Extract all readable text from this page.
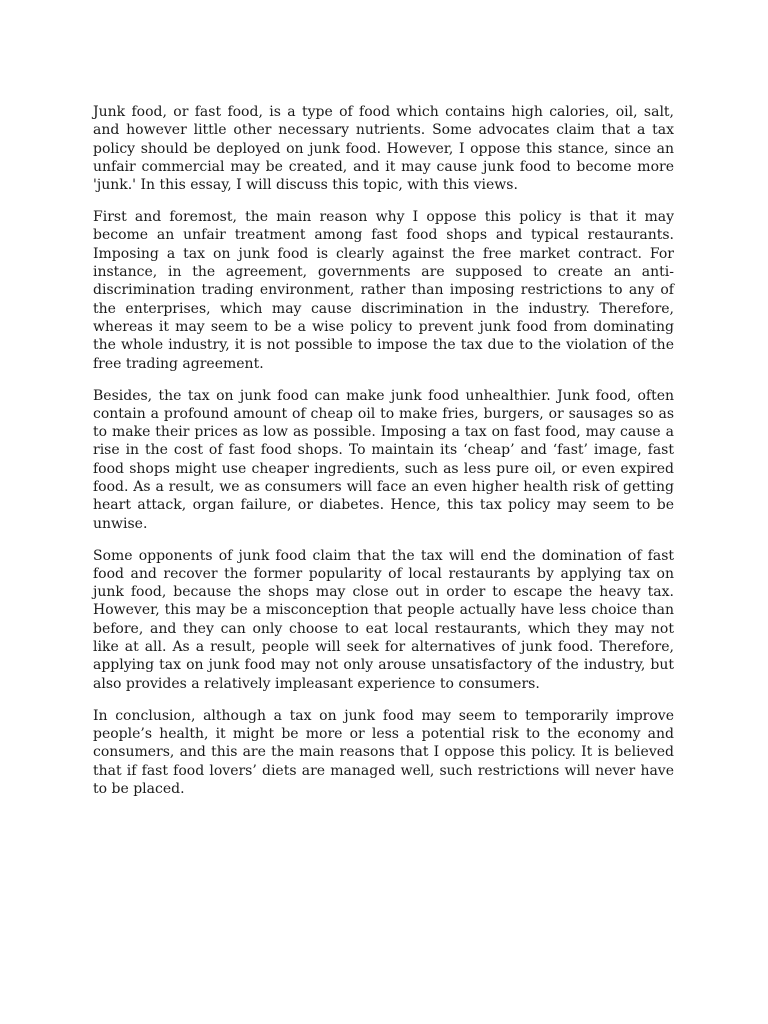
Junk food, or fast food, is a type of food which contains high calories, oil, salt, and however little other necessary nutrients. Some advocates claim that a tax policy should be deployed on junk food. However, I oppose this stance, since an unfair commercial may be created, and it may cause junk food to become more 'junk.' In this essay, I will discuss this topic, with this views.

First and foremost, the main reason why I oppose this policy is that it may become an unfair treatment among fast food shops and typical restaurants. Imposing a tax on junk food is clearly against the free market contract. For instance, in the agreement, governments are supposed to create an anti-discrimination trading environment, rather than imposing restrictions to any of the enterprises, which may cause discrimination in the industry. Therefore, whereas it may seem to be a wise policy to prevent junk food from dominating the whole industry, it is not possible to impose the tax due to the violation of the free trading agreement.

Besides, the tax on junk food can make junk food unhealthier. Junk food, often contain a profound amount of cheap oil to make fries, burgers, or sausages so as to make their prices as low as possible. Imposing a tax on fast food, may cause a rise in the cost of fast food shops. To maintain its ‘cheap’ and ‘fast’ image, fast food shops might use cheaper ingredients, such as less pure oil, or even expired food. As a result, we as consumers will face an even higher health risk of getting heart attack, organ failure, or diabetes. Hence, this tax policy may seem to be unwise.

Some opponents of junk food claim that the tax will end the domination of fast food and recover the former popularity of local restaurants by applying tax on junk food, because the shops may close out in order to escape the heavy tax. However, this may be a misconception that people actually have less choice than before, and they can only choose to eat local restaurants, which they may not like at all. As a result, people will seek for alternatives of junk food. Therefore, applying tax on junk food may not only arouse unsatisfactory of the industry, but also provides a relatively impleasant experience to consumers.

In conclusion, although a tax on junk food may seem to temporarily improve people’s health, it might be more or less a potential risk to the economy and consumers, and this are the main reasons that I oppose this policy. It is believed that if fast food lovers’ diets are managed well, such restrictions will never have to be placed.
